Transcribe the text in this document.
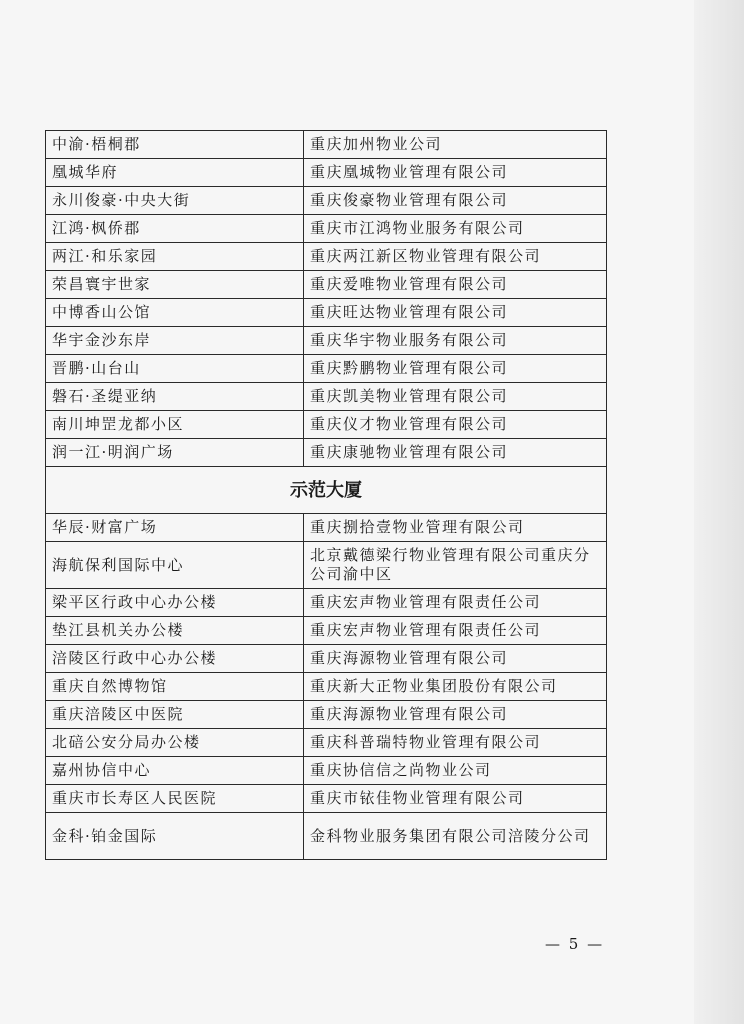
中渝·梧桐郡	重庆加州物业公司
凰城华府	重庆凰城物业管理有限公司
永川俊豪·中央大街	重庆俊豪物业管理有限公司
江鸿·枫侨郡	重庆市江鸿物业服务有限公司
两江·和乐家园	重庆两江新区物业管理有限公司
荣昌寰宇世家	重庆爱唯物业管理有限公司
中博香山公馆	重庆旺达物业管理有限公司
华宇金沙东岸	重庆华宇物业服务有限公司
晋鹏·山台山	重庆黔鹏物业管理有限公司
磐石·圣缇亚纳	重庆凯美物业管理有限公司
南川坤罡龙都小区	重庆仪才物业管理有限公司
润一江·明润广场	重庆康驰物业管理有限公司
示范大厦	
华辰·财富广场	重庆捌拾壹物业管理有限公司
海航保利国际中心	北京戴德梁行物业管理有限公司重庆分公司渝中区
梁平区行政中心办公楼	重庆宏声物业管理有限责任公司
垫江县机关办公楼	重庆宏声物业管理有限责任公司
涪陵区行政中心办公楼	重庆海源物业管理有限公司
重庆自然博物馆	重庆新大正物业集团股份有限公司
重庆涪陵区中医院	重庆海源物业管理有限公司
北碚公安分局办公楼	重庆科普瑞特物业管理有限公司
嘉州协信中心	重庆协信信之尚物业公司
重庆市长寿区人民医院	重庆市铱佳物业管理有限公司
金科·铂金国际	金科物业服务集团有限公司涪陵分公司
— 5 —
